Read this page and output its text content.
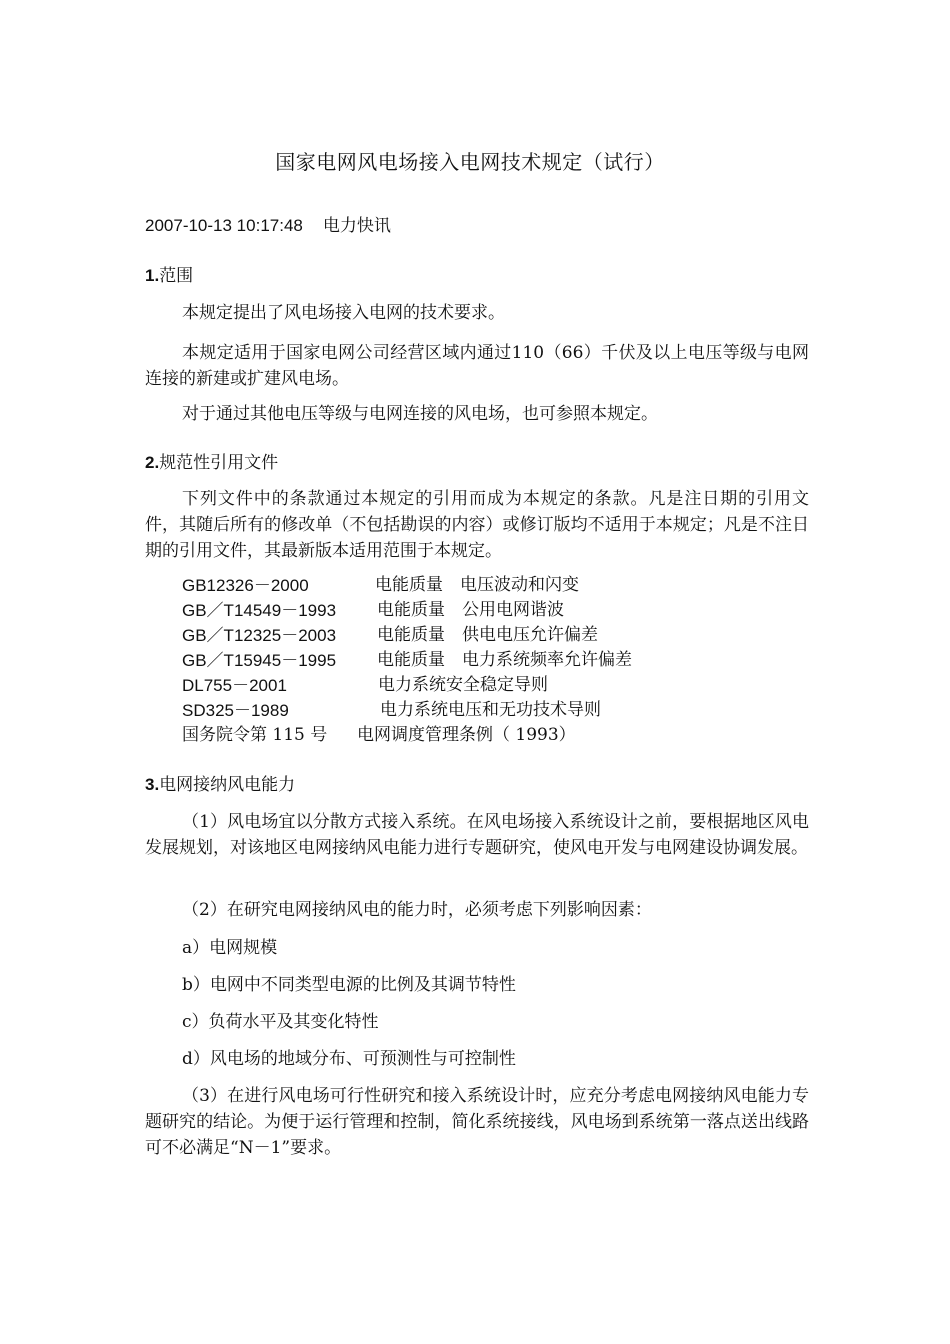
国家电网风电场接入电网技术规定（试行）
2007-10-13 10:17:48 电力快讯
1.范围
本规定提出了风电场接入电网的技术要求。
本规定适用于国家电网公司经营区域内通过110（66）千伏及以上电压等级与电网连接的新建或扩建风电场。
对于通过其他电压等级与电网连接的风电场，也可参照本规定。
2.规范性引用文件
下列文件中的条款通过本规定的引用而成为本规定的条款。凡是注日期的引用文件，其随后所有的修改单（不包括勘误的内容）或修订版均不适用于本规定；凡是不注日期的引用文件，其最新版本适用范围于本规定。
GB12326－2000	电能质量　电压波动和闪变
GB／T14549－1993 电能质量　公用电网谐波
GB／T12325－2003 电能质量　供电电压允许偏差
GB／T15945－1995 电能质量　电力系统频率允许偏差
DL755－2001	电力系统安全稳定导则
SD325－1989	电力系统电压和无功技术导则
国务院令第 115 号 电网调度管理条例（ 1993）
3.电网接纳风电能力
（1）风电场宜以分散方式接入系统。在风电场接入系统设计之前，要根据地区风电发展规划，对该地区电网接纳风电能力进行专题研究，使风电开发与电网建设协调发展。
（2）在研究电网接纳风电的能力时，必须考虑下列影响因素：
a）电网规模
b）电网中不同类型电源的比例及其调节特性
c）负荷水平及其变化特性
d）风电场的地域分布、可预测性与可控制性
（3）在进行风电场可行性研究和接入系统设计时，应充分考虑电网接纳风电能力专题研究的结论。为便于运行管理和控制，简化系统接线，风电场到系统第一落点送出线路可不必满足“N－1”要求。
